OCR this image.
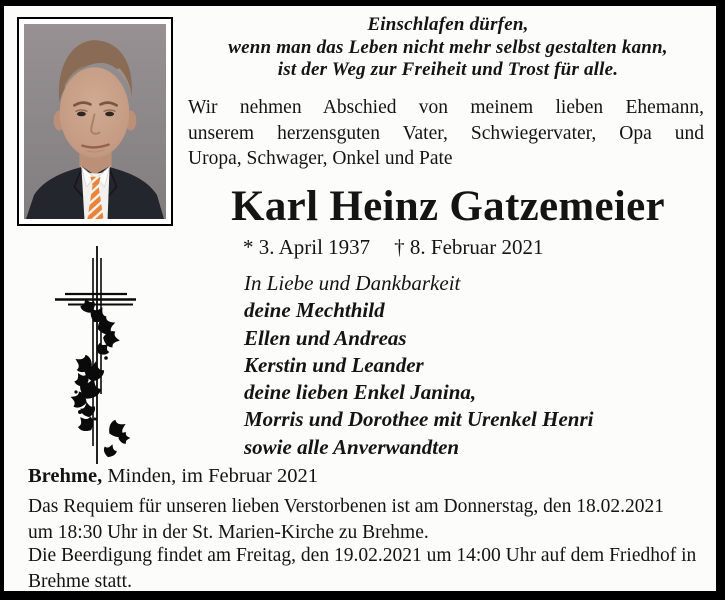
Einschlafen dürfen,
wenn man das Leben nicht mehr selbst gestalten kann,
ist der Weg zur Freiheit und Trost für alle.
Wir nehmen Abschied von meinem lieben Ehemann,
unserem herzensguten Vater, Schwiegervater, Opa und
Uropa, Schwager, Onkel und Pate
Karl Heinz Gatzemeier
* 3. April 1937 † 8. Februar 2021
In Liebe und Dankbarkeit
deine Mechthild
Ellen und Andreas
Kerstin und Leander
deine lieben Enkel Janina,
Morris und Dorothee mit Urenkel Henri
sowie alle Anverwandten
Brehme, Minden, im Februar 2021
Das Requiem für unseren lieben Verstorbenen ist am Donnerstag, den 18.02.2021
um 18:30 Uhr in der St. Marien-Kirche zu Brehme.
Die Beerdigung findet am Freitag, den 19.02.2021 um 14:00 Uhr auf dem Friedhof in
Brehme statt.
